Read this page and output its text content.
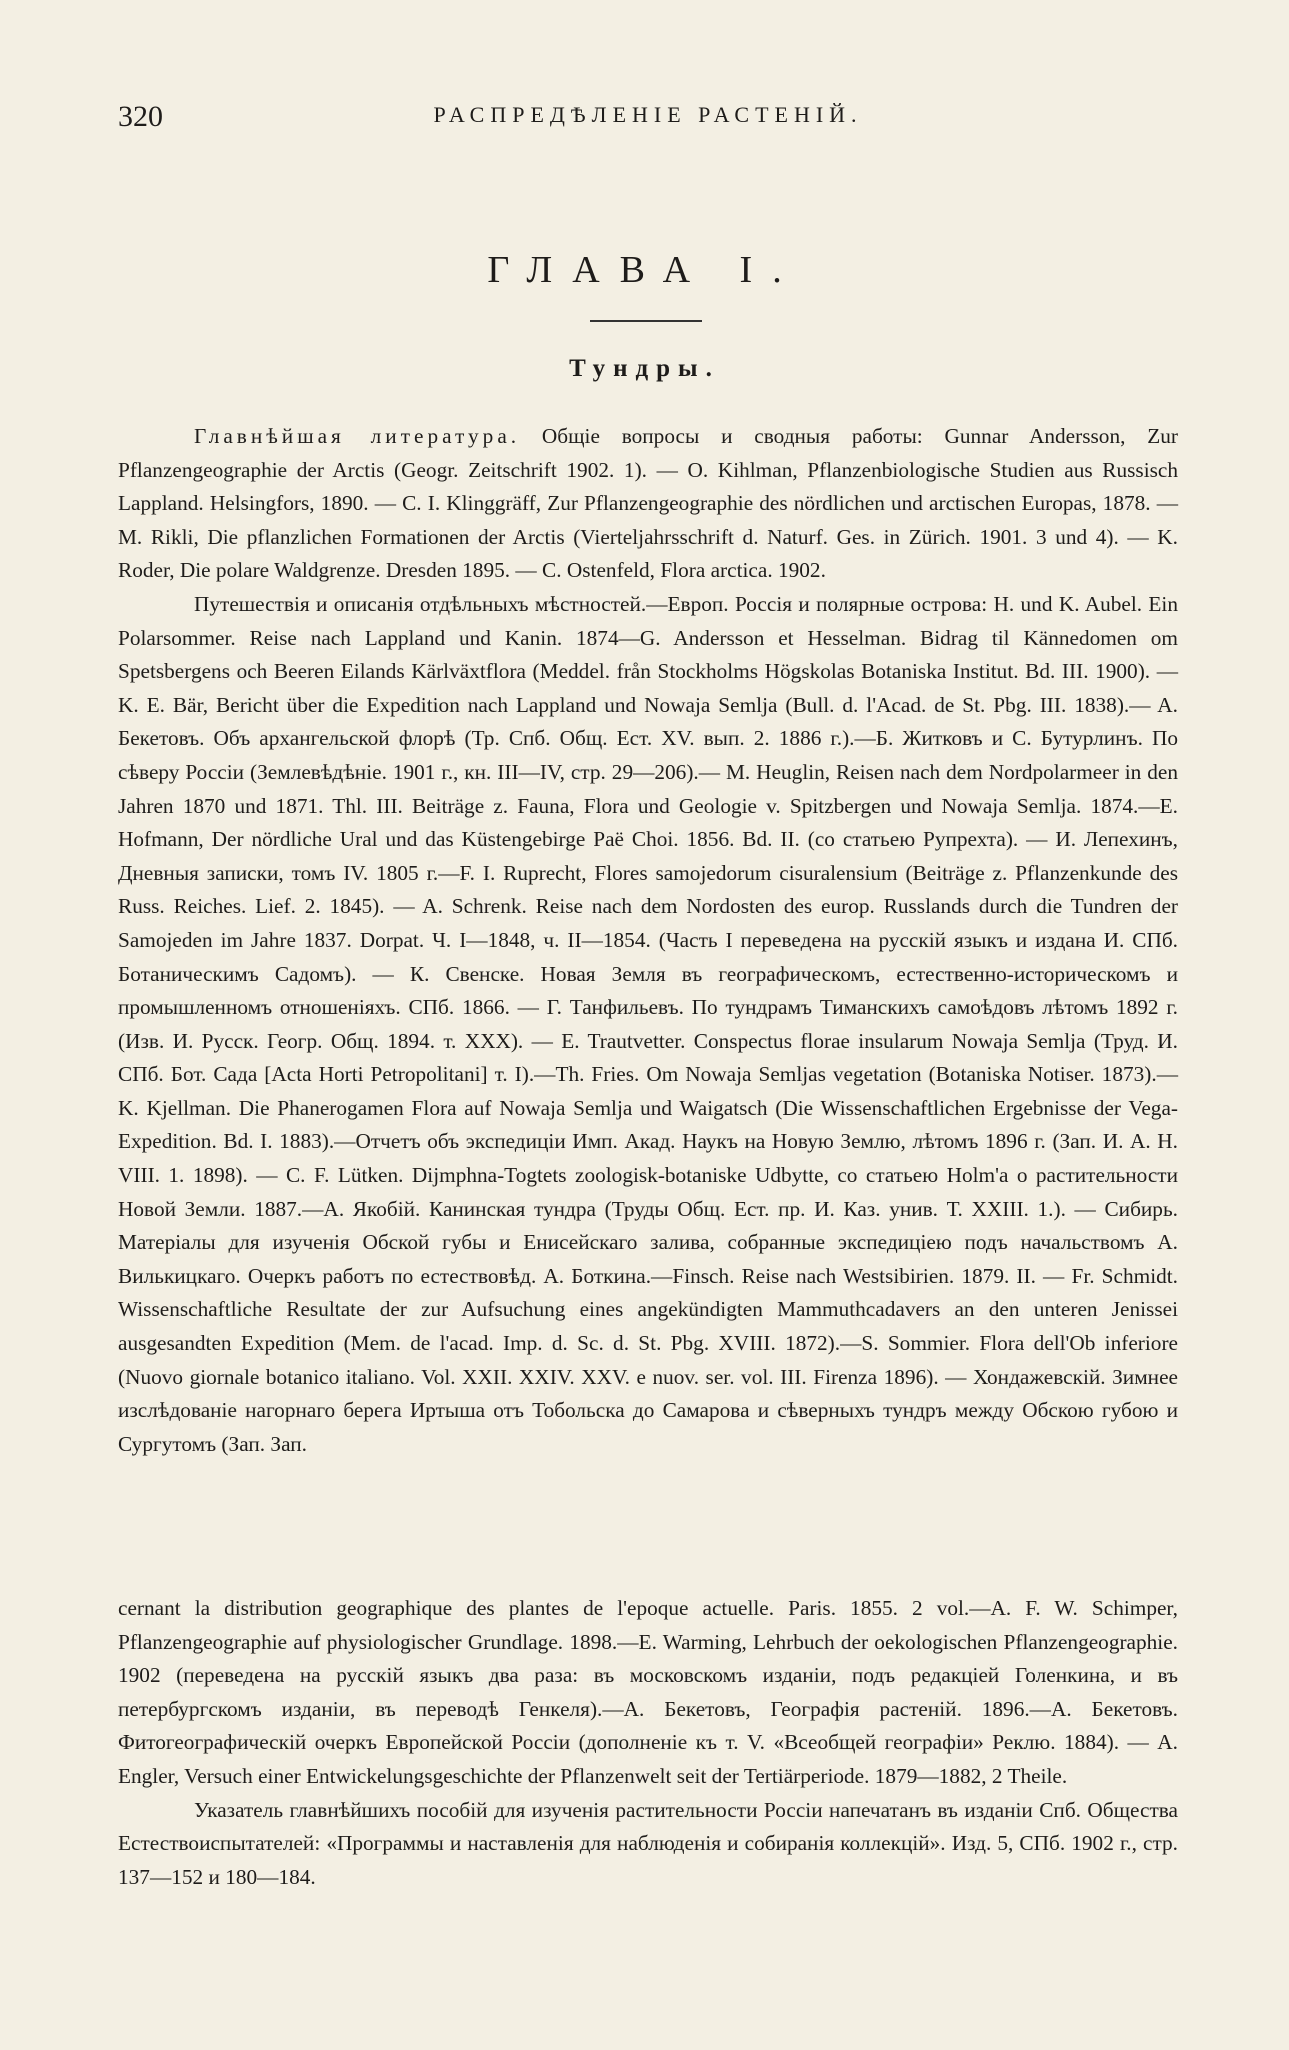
320	РАСПРЕДѢЛЕНІЕ РАСТЕНІЙ.
ГЛАВА I.
Тундры.

Главнѣйшая литература. Общіе вопросы и сводныя работы: Gunnar Andersson, Zur Pflanzengeographie der Arctis (Geogr. Zeitschrift 1902. 1). — O. Kihlman, Pflanzenbiologische Studien aus Russisch Lappland. Helsingfors, 1890. — C. I. Klinggräff, Zur Pflanzengeographie des nördlichen und arctischen Europas, 1878. — M. Rikli, Die pflanzlichen Formationen der Arctis (Vierteljahrsschrift d. Naturf. Ges. in Zürich. 1901. 3 und 4). — K. Roder, Die polare Waldgrenze. Dresden 1895. — C. Ostenfeld, Flora arctica. 1902.

Путешествія и описанія отдѣльныхъ мѣстностей.—Европ. Россія и полярные острова: H. und K. Aubel. Ein Polarsommer. Reise nach Lappland und Kanin. 1874—G. Andersson et Hesselman. Bidrag til Kännedomen om Spetsbergens och Beeren Eilands Kärlväxtflora (Meddel. från Stockholms Högskolas Botaniska Institut. Bd. III. 1900). — K. E. Bär, Bericht über die Expedition nach Lappland und Nowaja Semlja (Bull. d. l'Acad. de St. Pbg. III. 1838).— A. Бекетовъ. Объ архангельской флорѣ (Тр. Спб. Общ. Ест. XV. вып. 2. 1886 г.).—Б. Житковъ и С. Бутурлинъ. По сѣверу Россіи (Землевѣдѣніе. 1901 г., кн. III—IV, стр. 29—206).— M. Heuglin, Reisen nach dem Nordpolarmeer in den Jahren 1870 und 1871. Thl. III. Beiträge z. Fauna, Flora und Geologie v. Spitzbergen und Nowaja Semlja. 1874.—E. Hofmann, Der nördliche Ural und das Küstengebirge Paë Choi. 1856. Bd. II. (со статьею Рупрехта). — И. Лепехинъ, Дневныя записки, томъ IV. 1805 г.—F. I. Ruprecht, Flores samojedorum cisuralensium (Beiträge z. Pflanzenkunde des Russ. Reiches. Lief. 2. 1845). — A. Schrenk. Reise nach dem Nordosten des europ. Russlands durch die Tundren der Samojeden im Jahre 1837. Dorpat. Ч. I—1848, ч. II—1854. (Часть I переведена на русскій языкъ и издана И. СПб. Ботаническимъ Садомъ). — К. Свенске. Новая Земля въ географическомъ, естественно-историческомъ и промышленномъ отношеніяхъ. СПб. 1866. — Г. Танфильевъ. По тундрамъ Тиманскихъ самоѣдовъ лѣтомъ 1892 г. (Изв. И. Русск. Геогр. Общ. 1894. т. XXX). — E. Trautvetter. Conspectus florae insularum Nowaja Semlja (Труд. И. СПб. Бот. Сада [Acta Horti Petropolitani] т. I).—Th. Fries. Om Nowaja Semljas vegetation (Botaniska Notiser. 1873).— K. Kjellman. Die Phanerogamen Flora auf Nowaja Semlja und Waigatsch (Die Wissenschaftlichen Ergebnisse der Vega-Expedition. Bd. I. 1883).—Отчетъ объ экспедиціи Имп. Акад. Наукъ на Новую Землю, лѣтомъ 1896 г. (Зап. И. А. Н. VIII. 1. 1898). — C. F. Lütken. Dijmphna-Togtets zoologisk-botaniske Udbytte, со статьею Holm'а о растительности Новой Земли. 1887.—А. Якобій. Канинская тундра (Труды Общ. Ест. пр. И. Каз. унив. Т. XXIII. 1.). — Сибирь. Матеріалы для изученія Обской губы и Енисейскаго залива, собранные экспедиціею подъ начальствомъ А. Вилькицкаго. Очеркъ работъ по естествовѣд. А. Боткина.—Finsch. Reise nach Westsibirien. 1879. II. — Fr. Schmidt. Wissenschaftliche Resultate der zur Aufsuchung eines angekündigten Mammuthcadavers an den unteren Jenissei ausgesandten Expedition (Mem. de l'acad. Imp. d. Sc. d. St. Pbg. XVIII. 1872).—S. Sommier. Flora dell'Ob inferiore (Nuovo giornale botanico italiano. Vol. XXII. XXIV. XXV. e nuov. ser. vol. III. Firenza 1896). — Хондажевскій. Зимнее изслѣдованіе нагорнаго берега Иртыша отъ Тобольска до Самарова и сѣверныхъ тундръ между Обскою губою и Сургутомъ (Зап. Зап.

cernant la distribution geographique des plantes de l'epoque actuelle. Paris. 1855. 2 vol.—A. F. W. Schimper, Pflanzengeographie auf physiologischer Grundlage. 1898.—E. Warming, Lehrbuch der oekologischen Pflanzengeographie. 1902 (переведена на русскій языкъ два раза: въ московскомъ изданіи, подъ редакціей Голенкина, и въ петербургскомъ изданіи, въ переводѣ Генкеля).—А. Бекетовъ, Географія растеній. 1896.—А. Бекетовъ. Фитогеографическій очеркъ Европейской Россіи (дополненіе къ т. V. «Всеобщей географіи» Реклю. 1884). — A. Engler, Versuch einer Entwickelungsgeschichte der Pflanzenwelt seit der Tertiärperiode. 1879—1882, 2 Theile.

Указатель главнѣйшихъ пособій для изученія растительности Россіи напечатанъ въ изданіи Спб. Общества Естествоиспытателей: «Программы и наставленія для наблюденія и собиранія коллекцій». Изд. 5, СПб. 1902 г., стр. 137—152 и 180—184.
